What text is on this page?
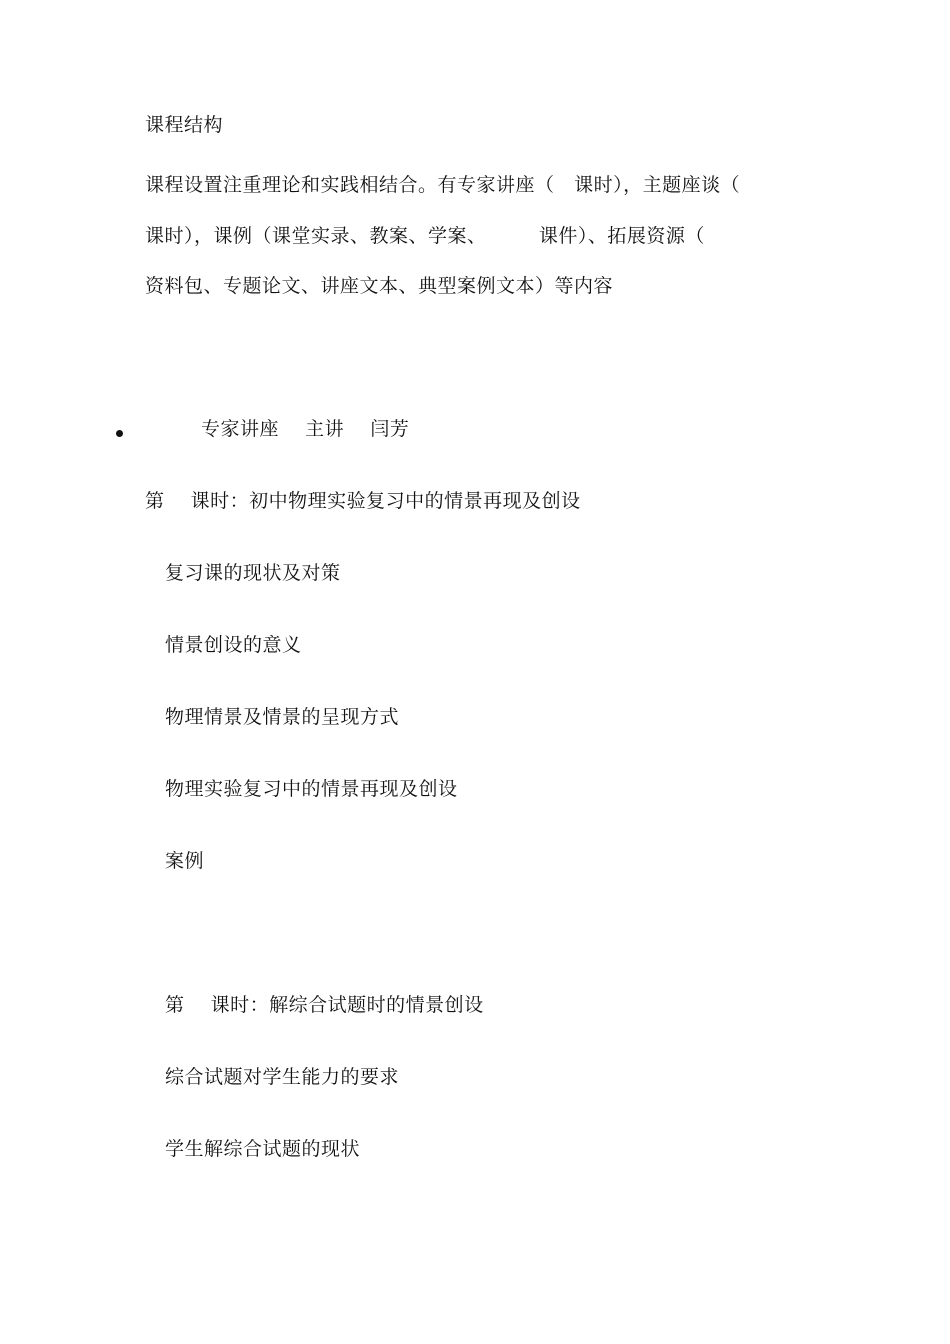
课程结构
课程设置注重理论和实践相结合。有专家讲座（   课时），主题座谈（
课时），课例（课堂实录、教案、学案、        课件）、拓展资源（
资料包、专题论文、讲座文本、典型案例文本）等内容
专家讲座    主讲    闫芳
第    课时：初中物理实验复习中的情景再现及创设
复习课的现状及对策
情景创设的意义
物理情景及情景的呈现方式
物理实验复习中的情景再现及创设
案例
第    课时：解综合试题时的情景创设
综合试题对学生能力的要求
学生解综合试题的现状
